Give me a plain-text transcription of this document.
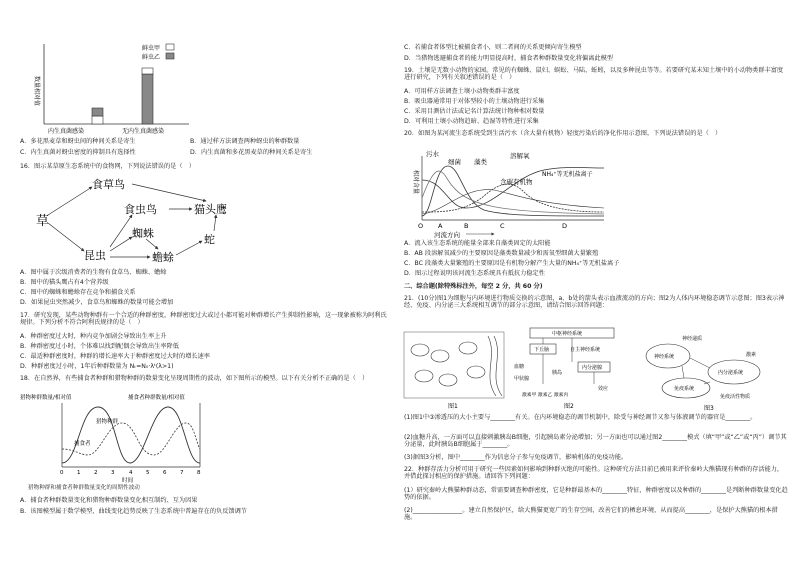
数量相对值
鲜虫甲
鲜虫乙
内生真菌感染	无内生真菌感染
A．多花黑麦草和蚜虫间的种间关系是寄生	B．通过样方法调查两种蚜虫的种群数量
C．内生真菌对蚜虫密度的抑制具有选择性	D．内生真菌和多花黑麦草的种间关系是寄生
16．图示某草原生态系统中的食物网，下列说法错误的是（　）
食草鸟
食虫鸟	猫头鹰
草
蜘蛛
昆虫	蟾蜍
蛇
A．图中属于次级消费者的生物有食草鸟、蜘蛛、蟾蜍
B．图中的猫头鹰占有4个营养级
C．图中的蜘蛛和蟾蜍存在竞争和捕食关系
D．如果昆虫突然减少，食草鸟和蜘蛛的数量可能会增加
17．研究发现，某些动物种群有一个合适的种群密度，种群密度过大或过小都可能对种群增长产生抑制性影响，这一现象被称为阿利氏规律。下列分析不符合阿利氏规律的是（　）
A．种群密度过大时，种内竞争加剧会导致出生率上升
B．种群密度过小时，个体难以找到配偶会导致出生率降低
C．最适种群密度时，种群的增长速率大于种群密度过大时的增长速率
D．种群密度过小时，1年后种群数量为 Nₜ=N₀·λᵗ(λ>1)
18．在自然界，有些捕食者种群和猎物种群的数量变化呈现周期性的波动，如下图所示的模型。以下有关分析不正确的是（　）
猎物种群数量/相对值	捕食者种群数量/相对值
猎物种群
捕食者
0 1 2 3	4 5 6 7 8
时间
猎物种群和捕食者种群数量变化的周期性波动
A．捕食者种群数量变化和猎物种群数量变化相互制约、互为因果
B．该图模型属于数学模型，曲线变化趋势反映了生态系统中普遍存在的负反馈调节
C．若捕食者体型比被捕食者小，则二者间的关系更倾向寄生模型
D．当猎物逃避捕食者的能力明显提高时，捕食者种群数量变化将偏离此模型
19．土壤是无数小动物的家园。常见的有蜘蛛、鼠妇、蜈蚣、马陆、蚯蚓，以及多种昆虫等等。若要研究某未知土壤中的小动物类群丰富度进行研究，下列有关叙述错误的是（　）
A．可用样方法调查土壤小动物类群丰富度
B．吸虫器通常用于对体型较小的土壤动物进行采集
C．采用目测估计法或记名计算法统计物种相对数量
D．可利用土壤小动物趋暗、趋湿等特性进行采集
20．如图为某河流生态系统受到生活污水（含大量有机物）轻度污染后的净化作用示意图，下列说法错误的是（　）
相对含量
污水
细菌 藻类
溶解氧
含碳有机物
NH₄⁺等无机盐离子
O A	B	C	D
河流方向
A．流入该生态系统的能量全部来自藻类固定的太阳能
B．AB 段溶解氧减少的主要原因是藻类数量减少和需氧型细菌大量繁殖
C．BC 段藻类大量繁殖的主要原因是有机物分解产生大量的NH₄⁺等无机盐离子
D．图示过程说明该河流生态系统具有抵抗力稳定性
二、综合题(除特殊标注外，每空 2 分，共 60 分)
21．(10分)图1为细胞与内环境进行物质交换的示意图，a、b处的箭头表示血液流动的方向；图2为人体内环境稳态调节示意图；图3表示神经、免疫、内分泌三大系统相互调节的部分示意图，请结合图示回答问题：
图1
中枢神经系统
下丘脑	自主神经系统
血糖
甲状腺
胰岛
内分泌腺
激素甲 激素乙 激素丙
效应
图2
神经递质
激素
神经系统
内分泌系统
免疫系统
免疫活性物质
图3
(1)图1中③渗透压的大小主要与________有关。在内环境稳态的调节机制中，除受与神经调节又参与体液调节的器官是________。
(2)血糖升高，一方面可以直接刺激胰岛B细胞，引起胰岛素分泌增加；另一方面也可以通过图2________模式（填“甲”或“乙”或“丙”）调节其分泌量，此时胰岛B细胞属于________。
(3)据图3分析，图中________作为信息分子参与免疫调节，影响机体的免疫功能。
22．种群存活力分析可用于研究一些因素如何影响到种群灭绝的可能性。这种研究方法目前已被用来评价秦岭大熊猫现有种群的存活能力，并借此探讨相应的保护措施。请回答下列问题：
(1）研究秦岭大熊猫种群动态，常需要调查种群密度，它是种群最基本的________特征，种群密度以及种群的________是判断种群数量变化趋势的依据。
(2)________________。建立自然保护区，给大熊猫更宽广的生存空间，改善它们的栖息环境，从而提高________，是保护大熊猫的根本措施。
